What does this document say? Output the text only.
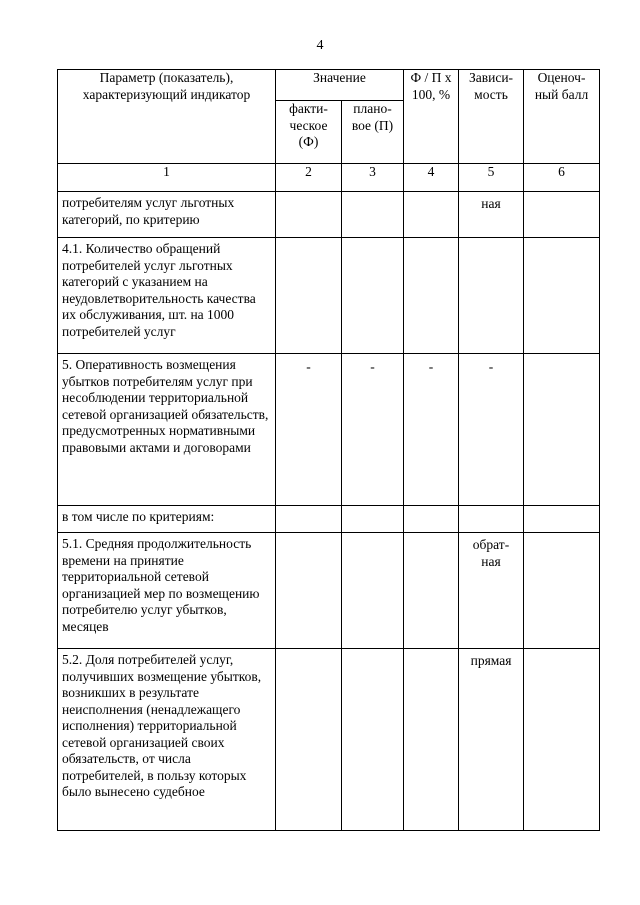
4
Параметр (показатель), характеризующий индикатор	Значение		Ф / П х 100, %	Зависи-мость	Оценоч-ный балл
	факти-ческое (Ф)	плано-вое (П)			
1	2	3	4	5	6
потребителям услуг льготных категорий, по критерию				ная	
4.1. Количество обращений потребителей услуг льготных категорий с указанием на неудовлетворительность качества их обслуживания, шт. на 1000 потребителей услуг					
5. Оперативность возмещения убытков потребителям услуг при несоблюдении территориальной сетевой организацией обязательств, предусмотренных нормативными правовыми актами и договорами	-	-	-	-	
в том числе по критериям:					
5.1. Средняя продолжительность времени на принятие территориальной сетевой организацией мер по возмещению потребителю услуг убытков, месяцев				обрат-ная	
5.2. Доля потребителей услуг, получивших возмещение убытков, возникших в результате неисполнения (ненадлежащего исполнения) территориальной сетевой организацией своих обязательств, от числа потребителей, в пользу которых было вынесено судебное				прямая	
